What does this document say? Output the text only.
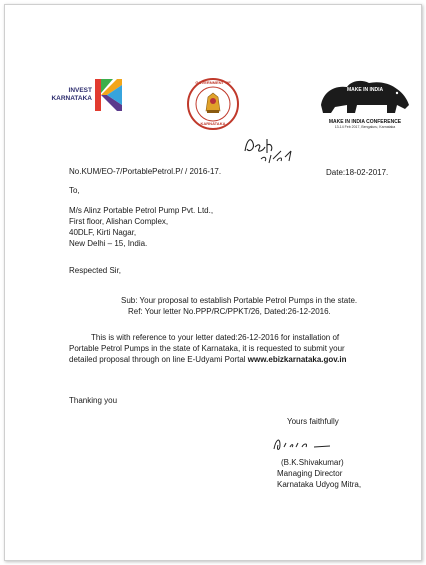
INVEST
KARNATAKA
GOVERNMENT OF
KARNATAKA
MAKE IN INDIA
MAKE IN INDIA CONFERENCE
13-14 Feb 2017, Bengaluru, Karnataka
No.KUM/EO-7/PortablePetrol.P/ / 2016-17.	Date:18-02-2017.
To,
M/s Alinz Portable Petrol Pump Pvt. Ltd.,
First floor, Alishan Complex,
40DLF, Kirti Nagar,
New Delhi – 15, India.
Respected Sir,
Sub: Your proposal to establish Portable Petrol Pumps in the state.
Ref: Your letter No.PPP/RC/PPKT/26, Dated:26-12-2016.
This is with reference to your letter dated:26-12-2016 for installation of
Portable Petrol Pumps in the state of Karnataka, it is requested to submit your
detailed proposal through on line E-Udyami Portal www.ebizkarnataka.gov.in
Thanking you
Yours faithfully
(B.K.Shivakumar)
Managing Director
Karnataka Udyog Mitra,
